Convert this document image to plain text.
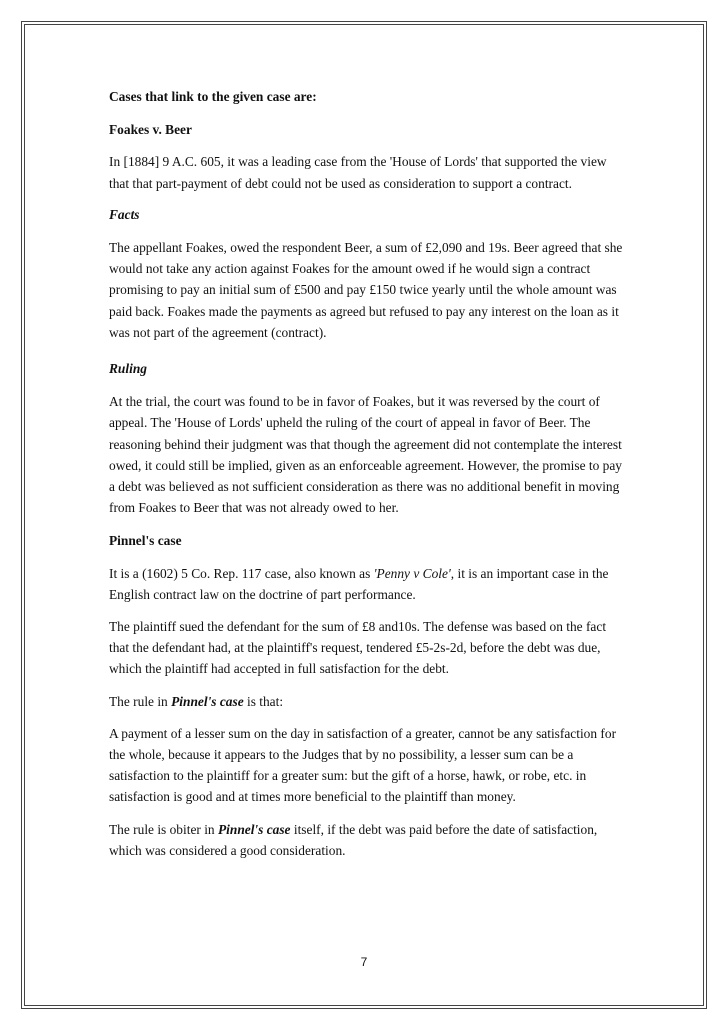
Cases that link to the given case are:

Foakes v. Beer

In [1884] 9 A.C. 605, it was a leading case from the 'House of Lords' that supported the view that that part-payment of debt could not be used as consideration to support a contract.

Facts

The appellant Foakes, owed the respondent Beer, a sum of £2,090 and 19s. Beer agreed that she would not take any action against Foakes for the amount owed if he would sign a contract promising to pay an initial sum of £500 and pay £150 twice yearly until the whole amount was paid back. Foakes made the payments as agreed but refused to pay any interest on the loan as it was not part of the agreement (contract).

Ruling

At the trial, the court was found to be in favor of Foakes, but it was reversed by the court of appeal. The 'House of Lords' upheld the ruling of the court of appeal in favor of Beer. The reasoning behind their judgment was that though the agreement did not contemplate the interest owed, it could still be implied, given as an enforceable agreement. However, the promise to pay a debt was believed as not sufficient consideration as there was no additional benefit in moving from Foakes to Beer that was not already owed to her.

Pinnel's case

It is a (1602) 5 Co. Rep. 117 case, also known as 'Penny v Cole', it is an important case in the English contract law on the doctrine of part performance.

The plaintiff sued the defendant for the sum of £8 and10s. The defense was based on the fact that the defendant had, at the plaintiff's request, tendered £5-2s-2d, before the debt was due, which the plaintiff had accepted in full satisfaction for the debt.

The rule in Pinnel's case is that:

A payment of a lesser sum on the day in satisfaction of a greater, cannot be any satisfaction for the whole, because it appears to the Judges that by no possibility, a lesser sum can be a satisfaction to the plaintiff for a greater sum: but the gift of a horse, hawk, or robe, etc. in satisfaction is good and at times more beneficial to the plaintiff than money.

The rule is obiter in Pinnel's case itself, if the debt was paid before the date of satisfaction, which was considered a good consideration.

7
